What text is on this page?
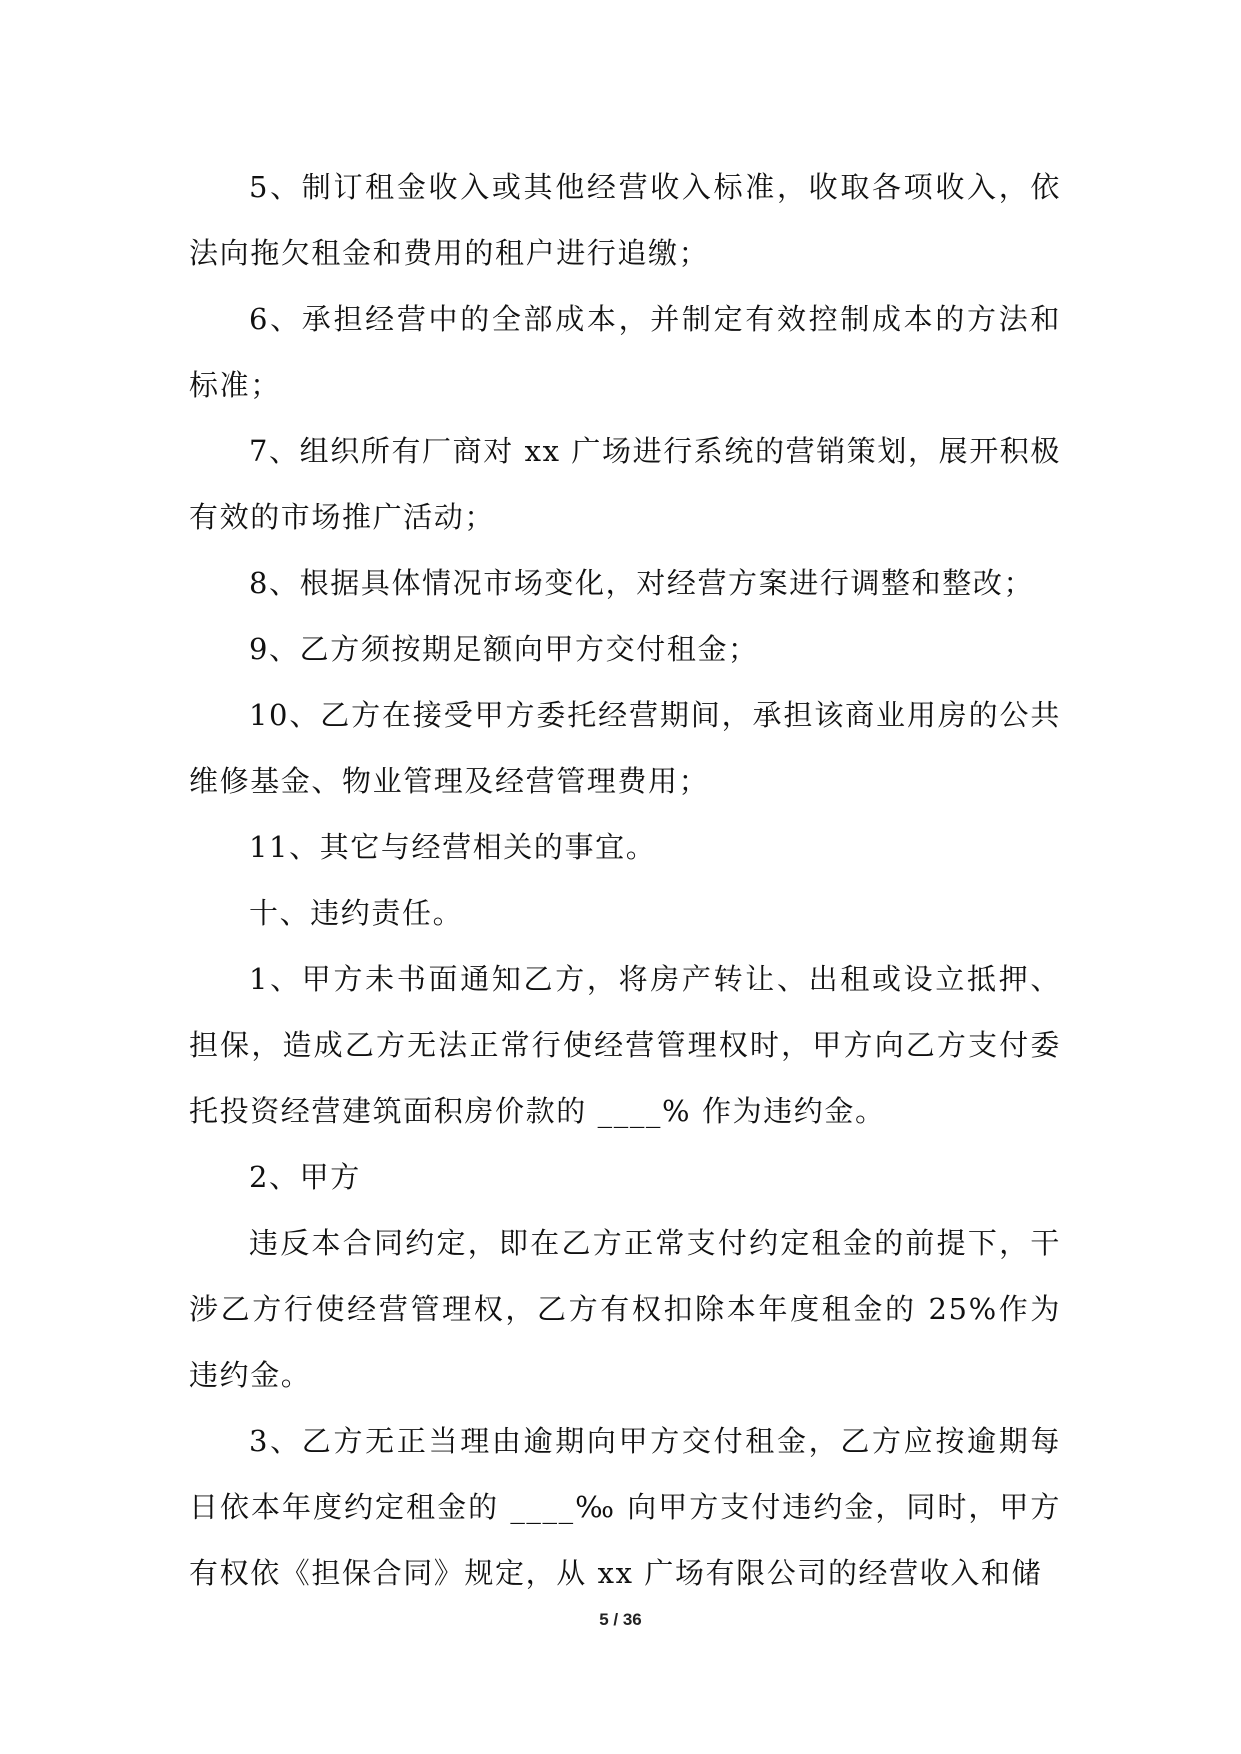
5、制订租金收入或其他经营收入标准，收取各项收入，依法向拖欠租金和费用的租户进行追缴；

6、承担经营中的全部成本，并制定有效控制成本的方法和标准；

7、组织所有厂商对 xx 广场进行系统的营销策划，展开积极有效的市场推广活动；

8、根据具体情况市场变化，对经营方案进行调整和整改；

9、乙方须按期足额向甲方交付租金；

10、乙方在接受甲方委托经营期间，承担该商业用房的公共维修基金、物业管理及经营管理费用；

11、其它与经营相关的事宜。

十、违约责任。

1、甲方未书面通知乙方，将房产转让、出租或设立抵押、担保，造成乙方无法正常行使经营管理权时，甲方向乙方支付委托投资经营建筑面积房价款的 ____% 作为违约金。

2、甲方

违反本合同约定，即在乙方正常支付约定租金的前提下，干涉乙方行使经营管理权，乙方有权扣除本年度租金的 25%作为违约金。

3、乙方无正当理由逾期向甲方交付租金，乙方应按逾期每日依本年度约定租金的 ____‰ 向甲方支付违约金，同时，甲方有权依《担保合同》规定，从 xx 广场有限公司的经营收入和储

5 / 36
